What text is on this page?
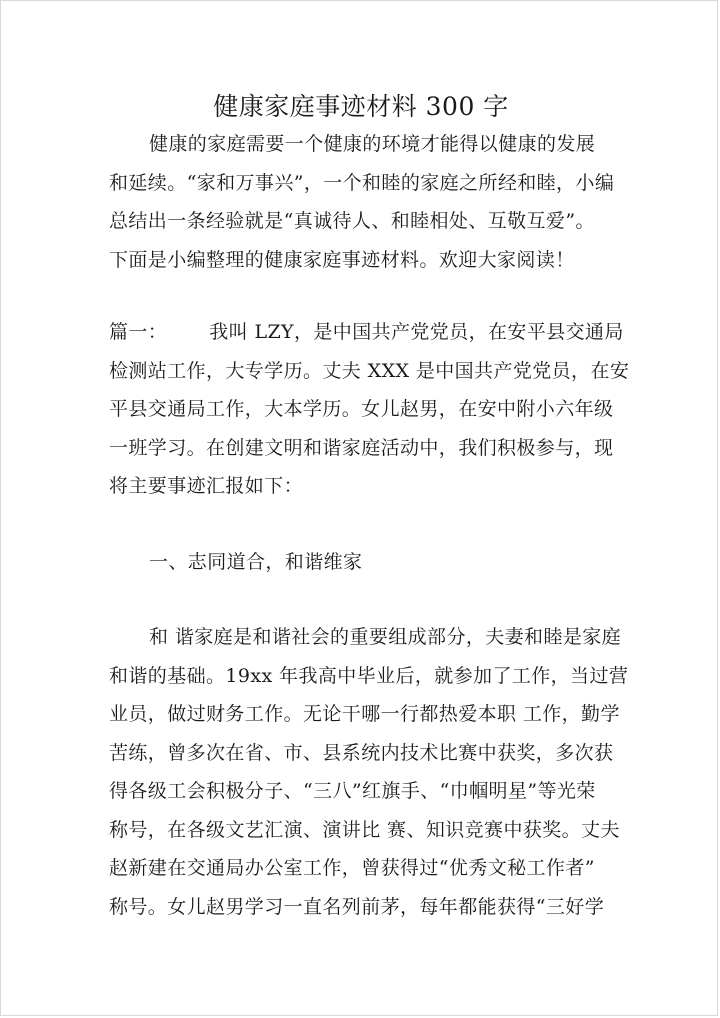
健康家庭事迹材料 300 字
健康的家庭需要一个健康的环境才能得以健康的发展
和延续。“家和万事兴”，一个和睦的家庭之所经和睦，小编
总结出一条经验就是“真诚待人、和睦相处、互敬互爱”。
下面是小编整理的健康家庭事迹材料。欢迎大家阅读！
篇一： 我叫 LZY，是中国共产党党员，在安平县交通局
检测站工作，大专学历。丈夫 XXX 是中国共产党党员，在安
平县交通局工作，大本学历。女儿赵男，在安中附小六年级
一班学习。在创建文明和谐家庭活动中，我们积极参与，现
将主要事迹汇报如下：
一、志同道合，和谐维家
和 谐家庭是和谐社会的重要组成部分，夫妻和睦是家庭
和谐的基础。19xx 年我高中毕业后，就参加了工作，当过营
业员，做过财务工作。无论干哪一行都热爱本职 工作，勤学
苦练，曾多次在省、市、县系统内技术比赛中获奖，多次获
得各级工会积极分子、“三八”红旗手、“巾帼明星”等光荣
称号，在各级文艺汇演、演讲比 赛、知识竞赛中获奖。丈夫
赵新建在交通局办公室工作，曾获得过“优秀文秘工作者”
称号。女儿赵男学习一直名列前茅，每年都能获得“三好学
